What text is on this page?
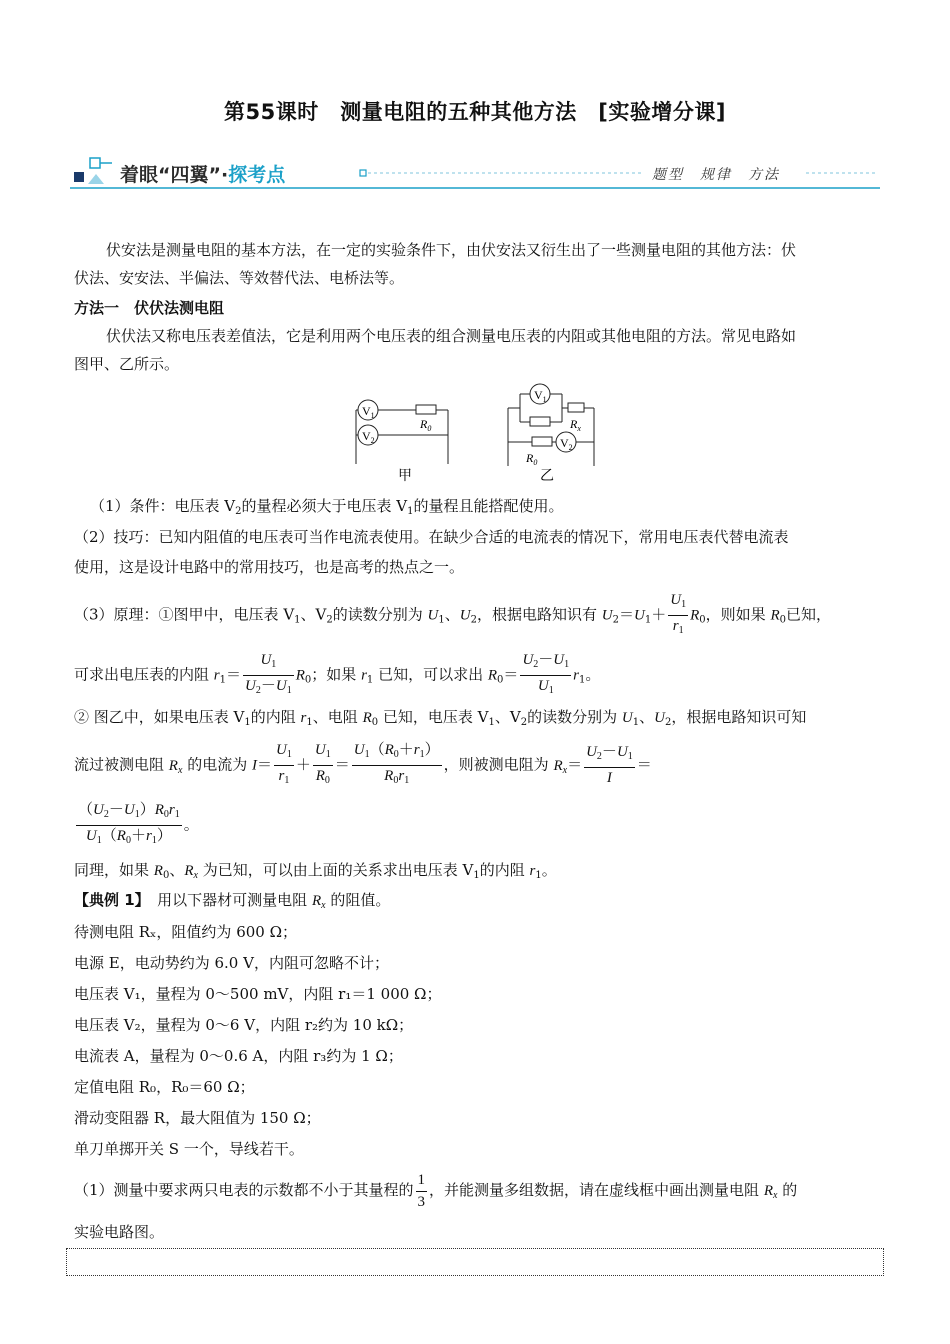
第55课时　测量电阻的五种其他方法　[实验增分课]
着眼“四翼”·探考点	题型　规律　方法
伏安法是测量电阻的基本方法，在一定的实验条件下，由伏安法又衍生出了一些测量电阻的其他方法：伏
伏法、安安法、半偏法、等效替代法、电桥法等。
方法一　伏伏法测电阻
伏伏法又称电压表差值法，它是利用两个电压表的组合测量电压表的内阻或其他电阻的方法。常见电路如
图甲、乙所示。
$V_1$
$V_2$
$R_0$
甲
$V_1$
$V_2$
$R_x$
$R_0$
乙
（1）条件：电压表 $V_2$的量程必须大于电压表 $V_1$的量程且能搭配使用。
（2）技巧：已知内阻值的电压表可当作电流表使用。在缺少合适的电流表的情况下，常用电压表代替电流表
使用，这是设计电路中的常用技巧，也是高考的热点之一。
（3）原理：①图甲中，电压表 $V_1$、$V_2$的读数分别为 $U_1$、$U_2$，根据电路知识有 $U_2=U_1+ \frac{U_1}{r_1} R_0$，则如果 $R_0$已知，
可求出电压表的内阻 $r_1= \frac{U_1}{U_2-U_1} R_0$；如果 $r_1$ 已知，可以求出 $R_0= \frac{U_2-U_1}{U_1} r_1$。
② 图乙中，如果电压表 $V_1$的内阻 $r_1$、电阻 $R_0$ 已知，电压表 $V_1$、$V_2$的读数分别为 $U_1$、$U_2$，根据电路知识可知
流过被测电阻 $R_x$ 的电流为 $I= \frac{U_1}{r_1} + \frac{U_1}{R_0} = \frac{U_1(R_0+r_1)}{R_0r_1}$ ，则被测电阻为 $R_x= \frac{U_2-U_1}{I}$ ＝
$\frac{(U_2-U_1)R_0r_1}{U_1(R_0+r_1)}$ 。
同理，如果 $R_0$、$R_x$ 为已知，可以由上面的关系求出电压表 $V_1$的内阻 $r_1$。
【典例 1】　用以下器材可测量电阻 $R_x$ 的阻值。
待测电阻 Rₓ，阻值约为 600 Ω；
电源 E，电动势约为 6.0 V，内阻可忽略不计；
电压表 V₁，量程为 0～500 mV，内阻 r₁＝1 000 Ω；
电压表 V₂，量程为 0～6 V，内阻 r₂约为 10 kΩ；
电流表 A，量程为 0～0.6 A，内阻 r₃约为 1 Ω；
定值电阻 R₀，R₀＝60 Ω；
滑动变阻器 R，最大阻值为 150 Ω；
单刀单掷开关 S 一个，导线若干。
（1）测量中要求两只电表的示数都不小于其量程的 $\frac{1}{3}$ ，并能测量多组数据，请在虚线框中画出测量电阻 $R_x$ 的
实验电路图。
